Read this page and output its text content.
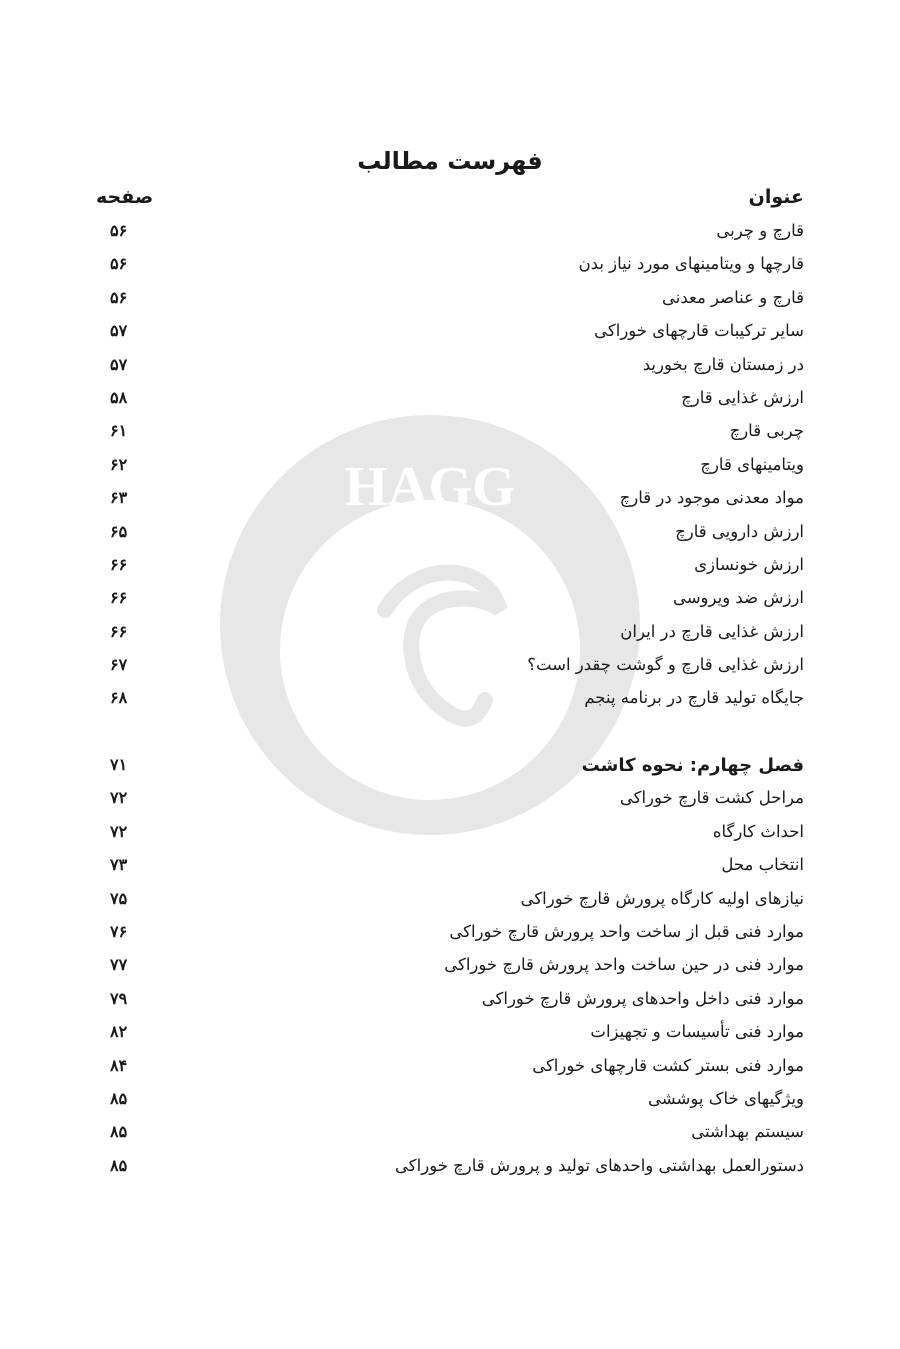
HAGG
فهرست مطالب
عنوان
صفحه
قارچ و چربی
۵۶
قارچها و ویتامینهای مورد نیاز بدن
۵۶
قارچ و عناصر معدنی
۵۶
سایر ترکیبات قارچهای خوراکی
۵۷
در زمستان قارچ بخورید
۵۷
ارزش غذایی قارچ
۵۸
چربی قارچ
۶۱
ویتامینهای قارچ
۶۲
مواد معدنی موجود در قارچ
۶۳
ارزش دارویی قارچ
۶۵
ارزش خونسازی
۶۶
ارزش ضد ویروسی
۶۶
ارزش غذایی قارچ در ایران
۶۶
ارزش غذایی قارچ و گوشت چقدر است؟
۶۷
جایگاه تولید قارچ در برنامه پنجم
۶۸
فصل چهارم: نحوه کاشت
۷۱
مراحل کشت قارچ خوراکی
۷۲
احداث کارگاه
۷۲
انتخاب محل
۷۳
نیازهای اولیه کارگاه پرورش قارچ خوراکی
۷۵
موارد فنی قبل از ساخت واحد پرورش قارچ خوراکی
۷۶
موارد فنی در حین ساخت واحد پرورش قارچ خوراکی
۷۷
موارد فنی داخل واحدهای پرورش قارچ خوراکی
۷۹
موارد فنی تأسیسات و تجهیزات
۸۲
موارد فنی بستر کشت قارچهای خوراکی
۸۴
ویژگیهای خاک پوششی
۸۵
سیستم بهداشتی
۸۵
دستورالعمل بهداشتی واحدهای تولید و پرورش قارچ خوراکی
۸۵
